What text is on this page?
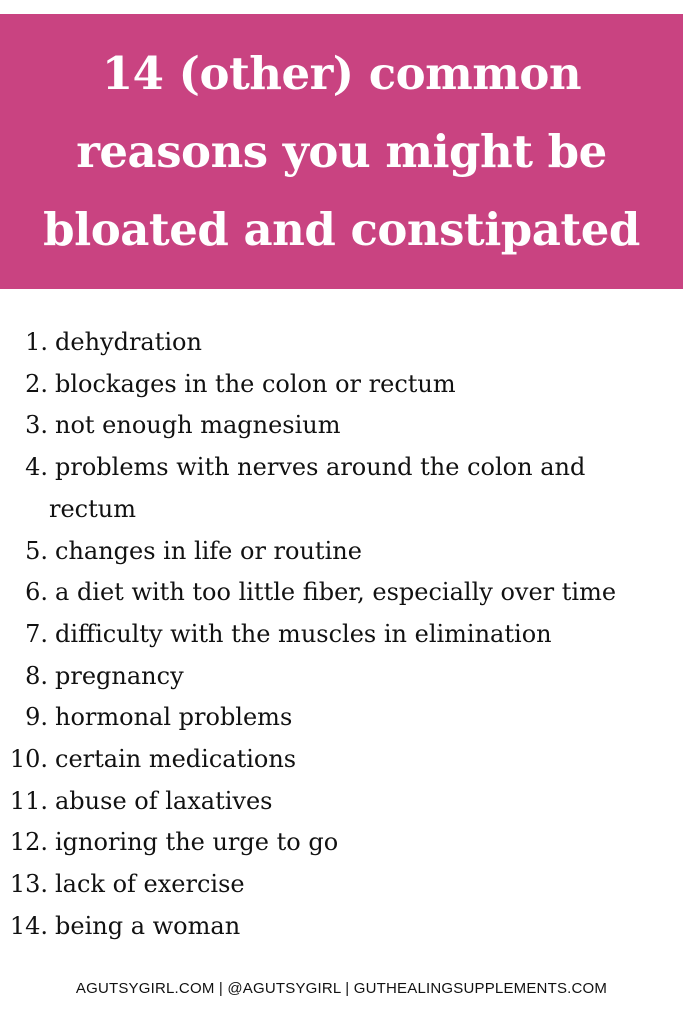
14 (other) common
reasons you might be
bloated and constipated
1. dehydration
2. blockages in the colon or rectum
3. not enough magnesium
4. problems with nerves around the colon and
rectum
5. changes in life or routine
6. a diet with too little fiber, especially over time
7. difficulty with the muscles in elimination
8. pregnancy
9. hormonal problems
10. certain medications
11. abuse of laxatives
12. ignoring the urge to go
13. lack of exercise
14. being a woman
AGUTSYGIRL.COM | @AGUTSYGIRL | GUTHEALINGSUPPLEMENTS.COM
